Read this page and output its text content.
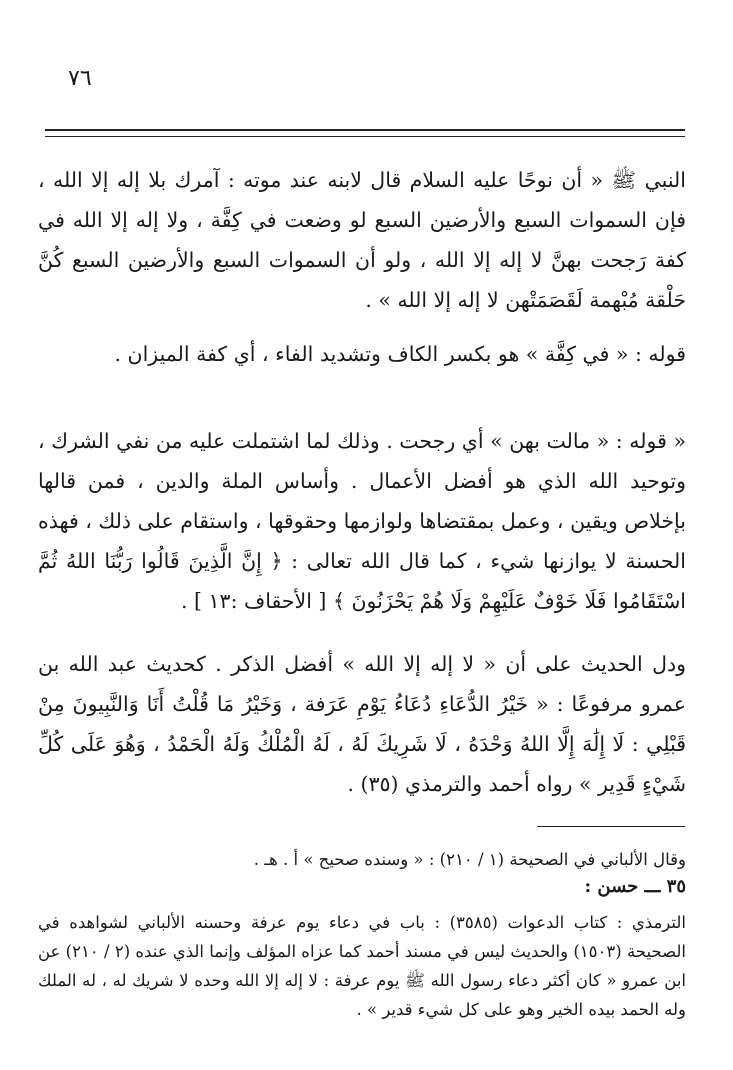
٧٦

النبي ﷺ « أن نوحًا عليه السلام قال لابنه عند موته : آمرك بلا إله إلا الله ، فإن السموات السبع والأرضين السبع لو وضعت في كِفَّة ، ولا إله إلا الله في كفة رَجحت بهنَّ لا إله إلا الله ، ولو أن السموات السبع والأرضين السبع كُنَّ حَلْقة مُبْهمة لَقَصَمَتْهن لا إله إلا الله » .

قوله : « في كِفَّة » هو بكسر الكاف وتشديد الفاء ، أي كفة الميزان .

« قوله : « مالت بهن » أي رجحت . وذلك لما اشتملت عليه من نفي الشرك ، وتوحيد الله الذي هو أفضل الأعمال . وأساس الملة والدين ، فمن قالها بإخلاص ويقين ، وعمل بمقتضاها ولوازمها وحقوقها ، واستقام على ذلك ، فهذه الحسنة لا يوازنها شيء ، كما قال الله تعالى : ﴿ إِنَّ الَّذِينَ قَالُوا رَبُّنَا اللهُ ثُمَّ اسْتَقَامُوا فَلَا خَوْفٌ عَلَيْهِمْ وَلَا هُمْ يَحْزَنُونَ ﴾ [ الأحقاف :١٣ ] .

ودل الحديث على أن « لا إله إلا الله » أفضل الذكر . كحديث عبد الله بن عمرو مرفوعًا : « خَيْرُ الدُّعَاءِ دُعَاءُ يَوْمِ عَرَفة ، وَخَيْرُ مَا قُلْتُ أَنَا وَالنَّبِيونَ مِنْ قَبْلِي : لَا إِلَٰهَ إِلَّا اللهُ وَحْدَهُ ، لَا شَرِيكَ لَهُ ، لَهُ الْمُلْكُ وَلَهُ الْحَمْدُ ، وَهُوَ عَلَى كُلِّ شَيْءٍ قَدِير » رواه أحمد والترمذي (٣٥) .

وقال الألباني في الصحيحة (١ / ٢١٠) : « وسنده صحيح » أ . هـ .

٣٥ ـــ حسن :

الترمذي : كتاب الدعوات (٣٥٨٥) : باب في دعاء يوم عرفة وحسنه الألباني لشواهده في الصحيحة (١٥٠٣) والحديث ليس في مسند أحمد كما عزاه المؤلف وإنما الذي عنده (٢ / ٢١٠) عن ابن عمرو « كان أكثر دعاء رسول الله ﷺ يوم عرفة : لا إله إلا الله وحده لا شريك له ، له الملك وله الحمد بيده الخير وهو على كل شيء قدير » .
